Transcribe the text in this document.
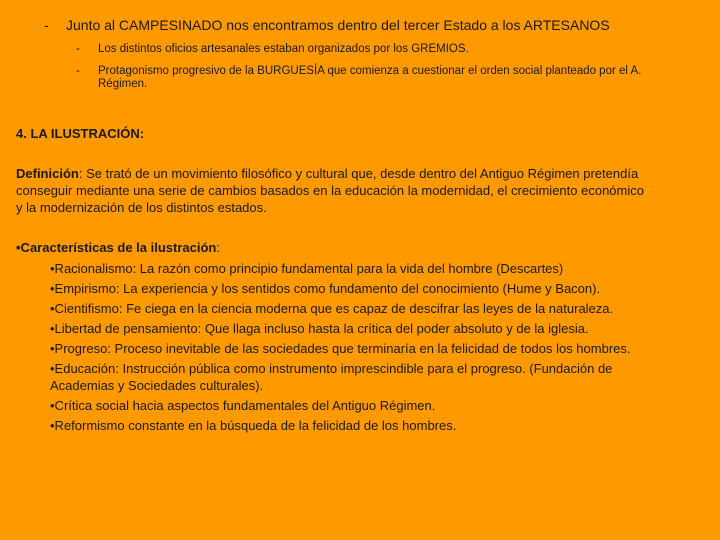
- Junto al CAMPESINADO nos encontramos dentro del tercer Estado a los ARTESANOS
- Los distintos oficios artesanales estaban organizados por los GREMIOS.
- Protagonismo progresivo de la BURGUESÍA que comienza a cuestionar el orden social planteado por el A. Régimen.
4. LA ILUSTRACIÓN:
Definición: Se trató de un movimiento filosófico y cultural que, desde dentro del Antiguo Régimen pretendía conseguir mediante una serie de cambios basados en la educación la modernidad, el crecimiento económico y la modernización de los distintos estados.
•Características de la ilustración:
•Racionalismo: La razón como principio fundamental para la vida del hombre (Descartes)
•Empirismo: La experiencia y los sentidos como fundamento del conocimiento (Hume y Bacon).
•Cientifismo: Fe ciega en la ciencia moderna que es capaz de descifrar las leyes de la naturaleza.
•Libertad de pensamiento: Que llaga incluso hasta la crítica del poder absoluto y de la iglesia.
•Progreso: Proceso inevitable de las sociedades que terminaría en la felicidad de todos los hombres.
•Educación: Instrucción pública como instrumento imprescindible para el progreso. (Fundación de Academias y Sociedades culturales).
•Crítica social hacia aspectos fundamentales del Antiguo Régimen.
•Reformismo constante en la búsqueda de la felicidad de los hombres.
